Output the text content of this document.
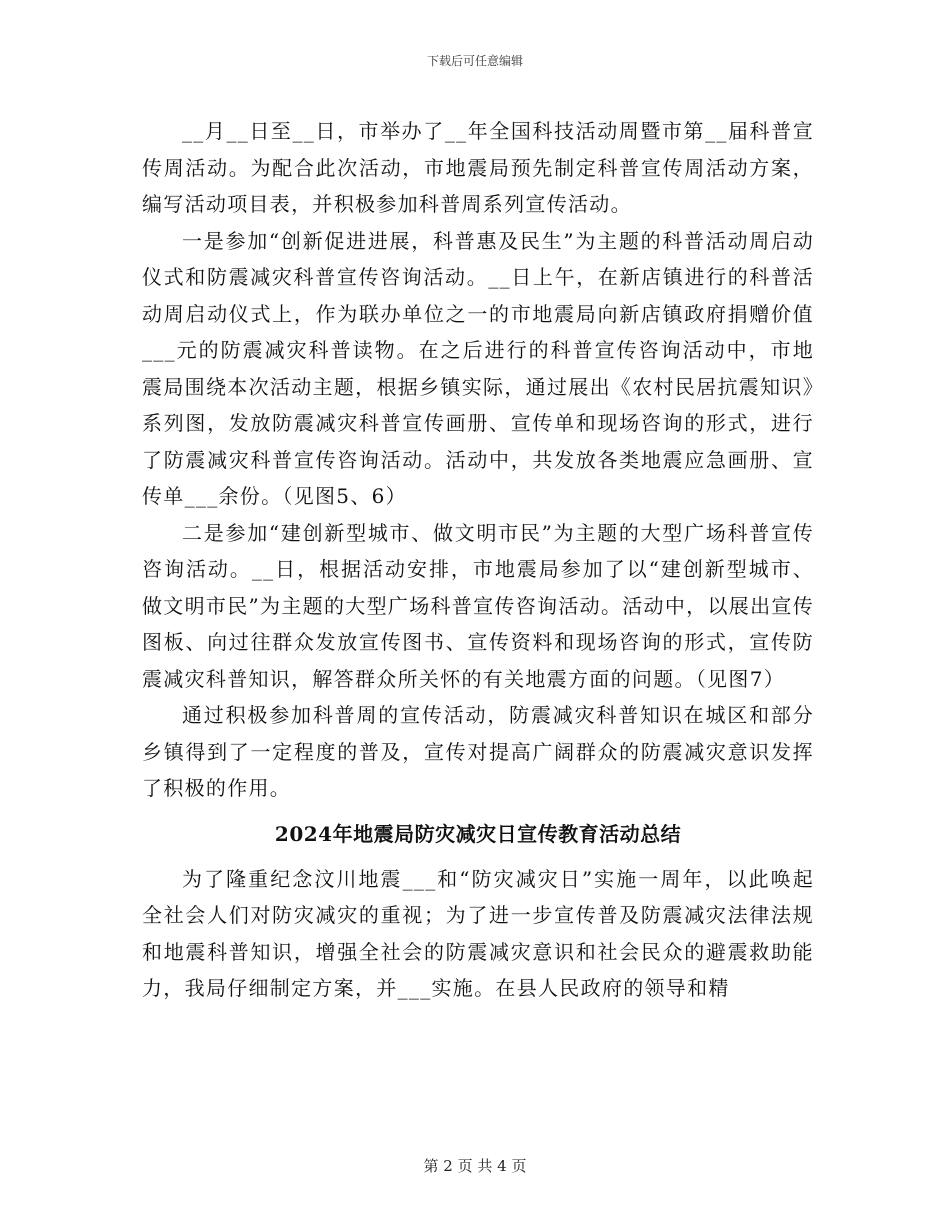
下载后可任意编辑

__月__日至__日，市举办了__年全国科技活动周暨市第__届科普宣传周活动。为配合此次活动，市地震局预先制定科普宣传周活动方案，编写活动项目表，并积极参加科普周系列宣传活动。

一是参加“创新促进进展，科普惠及民生”为主题的科普活动周启动仪式和防震减灾科普宣传咨询活动。__日上午，在新店镇进行的科普活动周启动仪式上，作为联办单位之一的市地震局向新店镇政府捐赠价值___元的防震减灾科普读物。在之后进行的科普宣传咨询活动中，市地震局围绕本次活动主题，根据乡镇实际，通过展出《农村民居抗震知识》系列图，发放防震减灾科普宣传画册、宣传单和现场咨询的形式，进行了防震减灾科普宣传咨询活动。活动中，共发放各类地震应急画册、宣传单___余份。（见图5、6）

二是参加“建创新型城市、做文明市民”为主题的大型广场科普宣传咨询活动。__日，根据活动安排，市地震局参加了以“建创新型城市、做文明市民”为主题的大型广场科普宣传咨询活动。活动中，以展出宣传图板、向过往群众发放宣传图书、宣传资料和现场咨询的形式，宣传防震减灾科普知识，解答群众所关怀的有关地震方面的问题。（见图7）

通过积极参加科普周的宣传活动，防震减灾科普知识在城区和部分乡镇得到了一定程度的普及，宣传对提高广阔群众的防震减灾意识发挥了积极的作用。

2024年地震局防灾减灾日宣传教育活动总结

为了隆重纪念汶川地震___和“防灾减灾日”实施一周年，以此唤起全社会人们对防灾减灾的重视；为了进一步宣传普及防震减灾法律法规和地震科普知识，增强全社会的防震减灾意识和社会民众的避震救助能力，我局仔细制定方案，并___实施。在县人民政府的领导和精

第 2 页 共 4 页
